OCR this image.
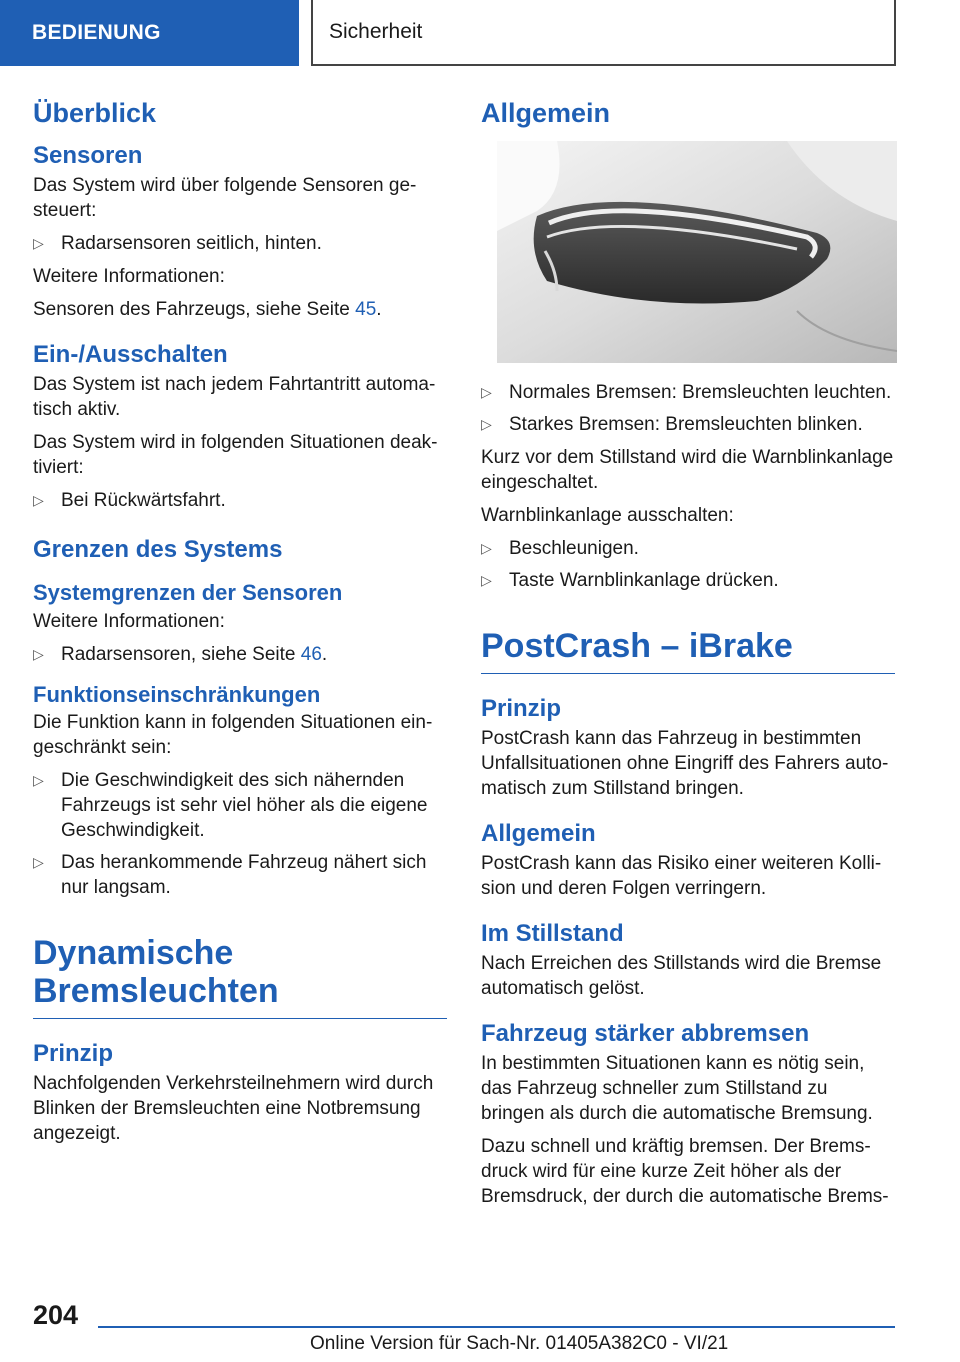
BEDIENUNG	Sicherheit
Überblick
Sensoren

Das System wird über folgende Sensoren ge-steuert:

▷ Radarsensoren seitlich, hinten.

Weitere Informationen:

Sensoren des Fahrzeugs, siehe Seite 45.

Ein-/Ausschalten

Das System ist nach jedem Fahrtantritt automa-tisch aktiv.

Das System wird in folgenden Situationen deak-tiviert:

▷ Bei Rückwärtsfahrt.
Grenzen des Systems
Systemgrenzen der Sensoren

Weitere Informationen:

▷ Radarsensoren, siehe Seite 46.
Funktionseinschränkungen

Die Funktion kann in folgenden Situationen ein-geschränkt sein:

▷ Die Geschwindigkeit des sich nähernden Fahrzeugs ist sehr viel höher als die eigene Geschwindigkeit.
▷ Das herankommende Fahrzeug nähert sich nur langsam.
Dynamische Bremsleuchten
Prinzip

Nachfolgenden Verkehrsteilnehmern wird durch Blinken der Bremsleuchten eine Notbremsung angezeigt.

Allgemein
▷ Normales Bremsen: Bremsleuchten leuchten.
▷ Starkes Bremsen: Bremsleuchten blinken.

Kurz vor dem Stillstand wird die Warnblinkanlage eingeschaltet.

Warnblinkanlage ausschalten:

▷ Beschleunigen.
▷ Taste Warnblinkanlage drücken.
PostCrash – iBrake
Prinzip

PostCrash kann das Fahrzeug in bestimmten Unfallsituationen ohne Eingriff des Fahrers auto-matisch zum Stillstand bringen.

Allgemein

PostCrash kann das Risiko einer weiteren Kolli-sion und deren Folgen verringern.

Im Stillstand

Nach Erreichen des Stillstands wird die Bremse automatisch gelöst.

Fahrzeug stärker abbremsen

In bestimmten Situationen kann es nötig sein, das Fahrzeug schneller zum Stillstand zu bringen als durch die automatische Bremsung.

Dazu schnell und kräftig bremsen. Der Brems-druck wird für eine kurze Zeit höher als der Bremsdruck, der durch die automatische Brems-

204
Online Version für Sach-Nr. 01405A382C0 - VI/21
